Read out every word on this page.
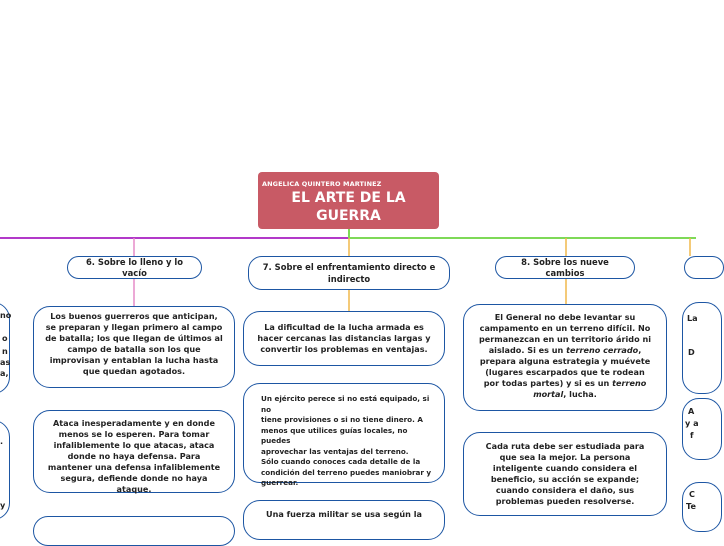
ANGELICA QUINTERO MARTINEZ
EL ARTE DE LA
GUERRA
6. Sobre lo lleno y lo vacío
7. Sobre el enfrentamiento directo e
indirecto
8. Sobre los nueve cambios

Los buenos guerreros que anticipan, se preparan y llegan primero al campo de batalla; los que llegan de últimos al campo de batalla son los que improvisan y entablan la lucha hasta que quedan agotados.

Ataca inesperadamente y en donde menos se lo esperen. Para tomar infaliblemente lo que atacas, ataca donde no haya defensa. Para mantener una defensa infaliblemente segura, defiende donde no haya ataque.

La dificultad de la lucha armada es hacer cercanas las distancias largas y convertir los problemas en ventajas.

Un ejército perece si no está equipado, si no
tiene provisiones o si no tiene dinero. A
menos que utilices guías locales, no puedes
aprovechar las ventajas del terreno.
Sólo cuando conoces cada detalle de la
condición del terreno puedes maniobrar y
guerrear.

Una fuerza militar se usa según la

El General no debe levantar su campamento en un terreno difícil. No permanezcan en un territorio árido ni aislado. Si es un terreno cerrado, prepara alguna estrategia y muévete (lugares escarpados que te rodean por todas partes) y si es un terreno mortal, lucha.

Cada ruta debe ser estudiada para que sea la mejor. La persona inteligente cuando considera el beneficio, su acción se expande; cuando considera el daño, sus problemas pueden resolverse.

no
o
n
as
a,
.
y
La
D
A
y a
f
C
Te
